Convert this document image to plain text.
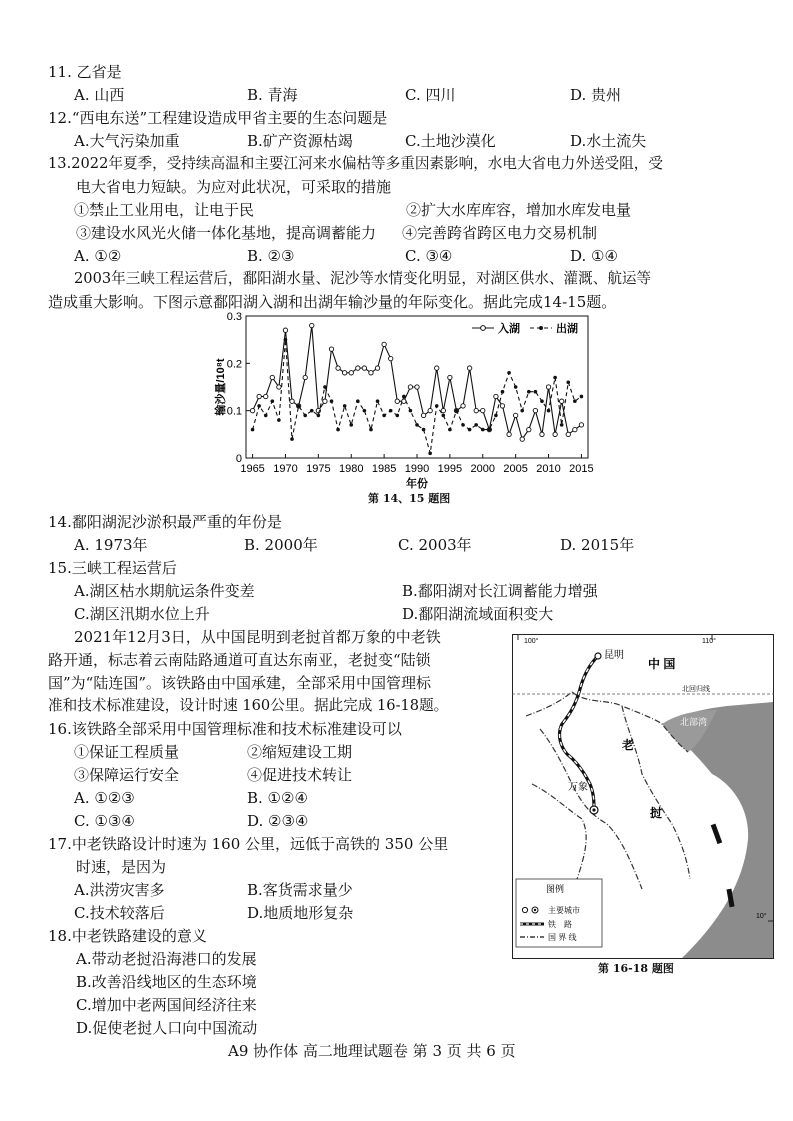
11. 乙省是
A. 山西	B. 青海	C. 四川	D. 贵州
12.“西电东送”工程建设造成甲省主要的生态问题是
A.大气污染加重	B.矿产资源枯竭	C.土地沙漠化	D.水土流失
13.2022年夏季，受持续高温和主要江河来水偏枯等多重因素影响，水电大省电力外送受阻，受
电大省电力短缺。为应对此状况，可采取的措施
①禁止工业用电，让电于民	②扩大水库库容，增加水库发电量
③建设水风光火储一体化基地，提高调蓄能力 ④完善跨省跨区电力交易机制
A. ①②	B. ②③	C. ③④	D. ①④
2003年三峡工程运营后，鄱阳湖水量、泥沙等水情变化明显，对湖区供水、灌溉、航运等
造成重大影响。下图示意鄱阳湖入湖和出湖年输沙量的年际变化。据此完成14-15题。
0
0.1
0.2
0.3
1965 1970 1975 1980 1985 1990 1995 2000 2005 2010 2015
年份
输沙量/10⁸t
入湖	出湖
第 14、15 题图
14.鄱阳湖泥沙淤积最严重的年份是
A. 1973年	B. 2000年	C. 2003年	D. 2015年
15.三峡工程运营后
A.湖区枯水期航运条件变差	B.鄱阳湖对长江调蓄能力增强
C.湖区汛期水位上升	D.鄱阳湖流域面积变大
2021年12月3日，从中国昆明到老挝首都万象的中老铁
路开通，标志着云南陆路通道可直达东南亚，老挝变“陆锁
国”为“陆连国”。该铁路由中国承建，全部采用中国管理标
准和技术标准建设，设计时速 160公里。据此完成 16-18题。
16.该铁路全部采用中国管理标准和技术标准建设可以
①保证工程质量	②缩短建设工期
③保障运行安全	④促进技术转让
A. ①②③	B. ①②④
C. ①③④	D. ②③④
17.中老铁路设计时速为 160 公里，远低于高铁的 350 公里
时速，是因为
A.洪涝灾害多	B.客货需求量少
C.技术较落后	D.地质地形复杂
18.中老铁路建设的意义
A.带动老挝沿海港口的发展
B.改善沿线地区的生态环境
C.增加中老两国间经济往来
D.促使老挝人口向中国流动
100°	110°
10°
昆明
中 国
北回归线
北部湾
老
挝
万象
图例
主要城市
铁　路
国 界 线
第 16-18 题图
A9 协作体 高二地理试题卷 第 3 页 共 6 页
